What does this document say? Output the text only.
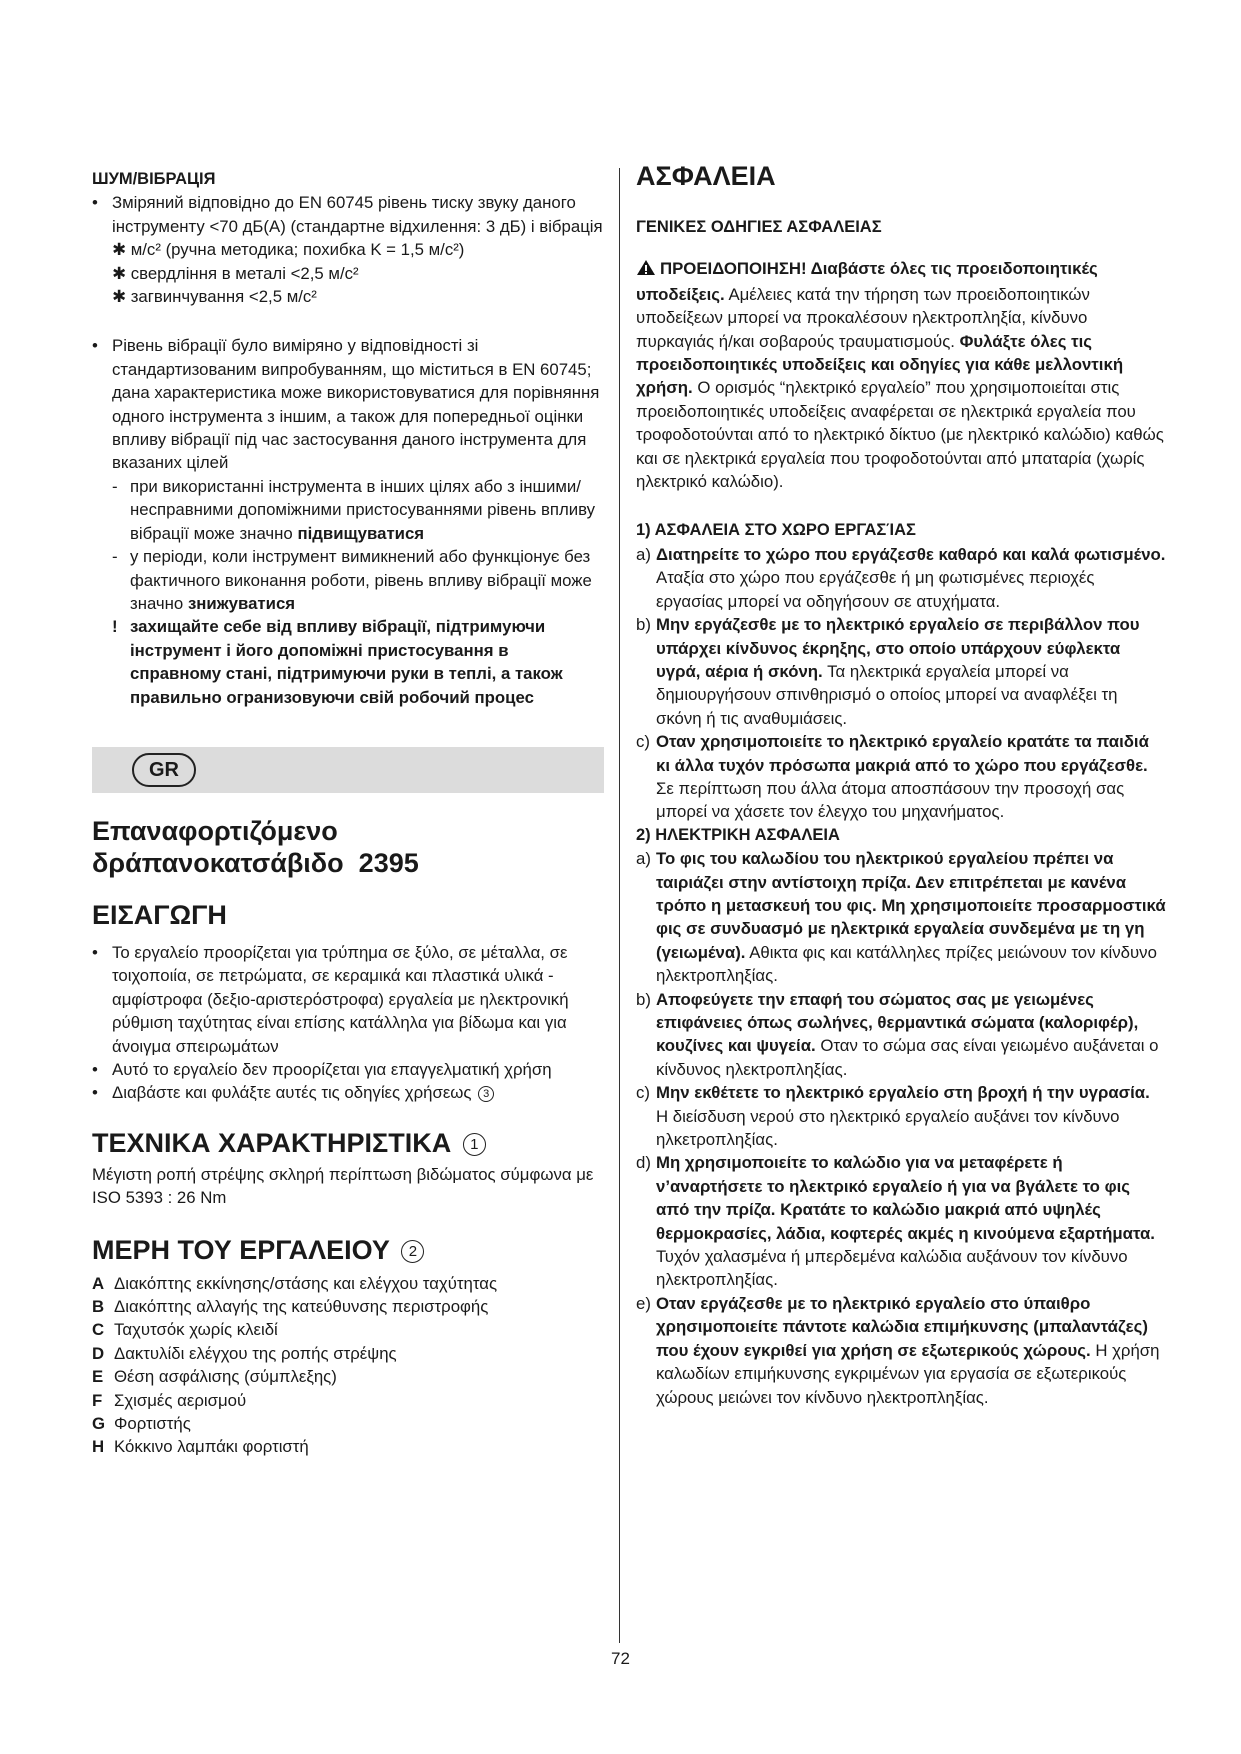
ШУМ/ВІБРАЦІЯ

• Зміряний відповідно до EN 60745 рівень тиску звуку даного інструменту <70 дБ(A) (стандартне відхилення: 3 дБ) і вібрація ✱ м/с² (ручна методика; похибка K = 1,5 м/с²)
✱ свердління в металі <2,5 м/с²
✱ загвинчування <2,5 м/с²
• Рівень вібрації було виміряно у відповідності зі стандартизованим випробуванням, що міститься в EN 60745; дана характеристика може використовуватися для порівняння одного інструмента з іншим, а також для попередньої оцінки впливу вібрації під час застосування даного інструмента для вказаних цілей
- при використанні інструмента в інших цілях або з іншими/несправними допоміжними пристосуваннями рівень впливу вібрації може значно підвищуватися
- у періоди, коли інструмент вимикнений або функціонує без фактичного виконання роботи, рівень впливу вібрації може значно знижуватися
! захищайте себе від впливу вібрації, підтримуючи інструмент і його допоміжні пристосування в справному стані, підтримуючи руки в теплі, а також правильно огранизовуючи свій робочий процес
GR
Επαναφορτιζόμενο
δράπανοκατσάβιδο  2395
ΕΙΣΑΓΩΓΗ
• Το εργαλείο προορίζεται για τρύπημα σε ξύλο, σε μέταλλα, σε τοιχοποιία, σε πετρώματα, σε κεραμικά και πλαστικά υλικά - αμφίστροφα (δεξιο-αριστερόστροφα) εργαλεία με ηλεκτρονική ρύθμιση ταχύτητας είναι επίσης κατάλληλα για βίδωμα και για άνοιγμα σπειρωμάτων
• Αυτό το εργαλείο δεν προορίζεται για επαγγελματική χρήση
• Διαβάστε και φυλάξτε αυτές τις οδηγίες χρήσεως 3
ΤΕΧΝΙΚΑ ΧΑΡΑΚΤΗΡΙΣΤΙΚΑ 1
Μέγιστη ροπή στρέψης σκληρή περίπτωση βιδώματος σύμφωνα με ISO 5393 : 26 Nm
ΜΕΡΗ ΤΟΥ ΕΡΓΑΛΕΙΟΥ 2
A Διακόπτης εκκίνησης/στάσης και ελέγχου ταχύτητας
B Διακόπτης αλλαγής της κατεύθυνσης περιστροφής
C Ταχυτσόκ χωρίς κλειδί
D Δακτυλίδι ελέγχου της ροπής στρέψης
E Θέση ασφάλισης (σύμπλεξης)
F Σχισμές αερισμού
G Φορτιστής
H Κόκκινο λαμπάκι φορτιστή
ΑΣΦΑΛΕΙΑ
ΓΕΝΙΚΕΣ ΟΔΗΓΙΕΣ ΑΣΦΑΛΕΙΑΣ
ΠΡΟΕΙΔΟΠΟΙΗΣΗ! Διαβάστε όλες τις προειδοποιητικές υποδείξεις. Αμέλειες κατά την τήρηση των προειδοποιητικών υποδείξεων μπορεί να προκαλέσουν ηλεκτροπληξία, κίνδυνο πυρκαγιάς ή/και σοβαρούς τραυματισμούς. Φυλάξτε όλες τις προειδοποιητικές υποδείξεις και οδηγίες για κάθε μελλοντική χρήση. Ο ορισμός “ηλεκτρικό εργαλείο” που χρησιμοποιείται στις προειδοποιητικές υποδείξεις αναφέρεται σε ηλεκτρικά εργαλεία που τροφοδοτούνται από το ηλεκτρικό δίκτυο (με ηλεκτρικό καλώδιο) καθώς και σε ηλεκτρικά εργαλεία που τροφοδοτούνται από μπαταρία (χωρίς ηλεκτρικό καλώδιο).
1) ΑΣΦΑΛΕΙΑ ΣΤΟ ΧΩΡΟ ΕΡΓΑΣΊΑΣ
a) Διατηρείτε το χώρο που εργάζεσθε καθαρό και καλά φωτισμένο. Αταξία στο χώρο που εργάζεσθε ή μη φωτισμένες περιοχές εργασίας μπορεί να οδηγήσουν σε ατυχήματα.
b) Μην εργάζεσθε με το ηλεκτρικό εργαλείο σε περιβάλλον που υπάρχει κίνδυνος έκρηξης, στο οποίο υπάρχουν εύφλεκτα υγρά, αέρια ή σκόνη. Τα ηλεκτρικά εργαλεία μπορεί να δημιουργήσουν σπινθηρισμό ο οποίος μπορεί να αναφλέξει τη σκόνη ή τις αναθυμιάσεις.
c) Οταν χρησιμοποιείτε το ηλεκτρικό εργαλείο κρατάτε τα παιδιά κι άλλα τυχόν πρόσωπα μακριά από το χώρο που εργάζεσθε. Σε περίπτωση που άλλα άτομα αποσπάσουν την προσοχή σας μπορεί να χάσετε τον έλεγχο του μηχανήματος.
2) ΗΛΕΚΤΡΙΚΗ ΑΣΦΑΛΕΙΑ
a) Το φις του καλωδίου του ηλεκτρικού εργαλείου πρέπει να ταιριάζει στην αντίστοιχη πρίζα. Δεν επιτρέπεται με κανένα τρόπο η μετασκευή του φις. Μη χρησιμοποιείτε προσαρμοστικά φις σε συνδυασμό με ηλεκτρικά εργαλεία συνδεμένα με τη γη (γειωμένα). Αθικτα φις και κατάλληλες πρίζες μειώνουν τον κίνδυνο ηλεκτροπληξίας.
b) Αποφεύγετε την επαφή του σώματος σας με γειωμένες επιφάνειες όπως σωλήνες, θερμαντικά σώματα (καλοριφέρ), κουζίνες και ψυγεία. Οταν το σώμα σας είναι γειωμένο αυξάνεται ο κίνδυνος ηλεκτροπληξίας.
c) Μην εκθέτετε το ηλεκτρικό εργαλείο στη βροχή ή την υγρασία. Η διείσδυση νερού στο ηλεκτρικό εργαλείο αυξάνει τον κίνδυνο ηλκετροπληξίας.
d) Μη χρησιμοποιείτε το καλώδιο για να μεταφέρετε ή ν’αναρτήσετε το ηλεκτρικό εργαλείο ή για να βγάλετε το φις από την πρίζα. Κρατάτε το καλώδιο μακριά από υψηλές θερμοκρασίες, λάδια, κοφτερές ακμές η κινούμενα εξαρτήματα. Τυχόν χαλασμένα ή μπερδεμένα καλώδια αυξάνουν τον κίνδυνο ηλεκτροπληξίας.
e) Οταν εργάζεσθε με το ηλεκτρικό εργαλείο στο ύπαιθρο χρησιμοποιείτε πάντοτε καλώδια επιμήκυνσης (μπαλαντάζες) που έχουν εγκριθεί για χρήση σε εξωτερικούς χώρους. Η χρήση καλωδίων επιμήκυνσης εγκριμένων για εργασία σε εξωτερικούς χώρους μειώνει τον κίνδυνο ηλεκτροπληξίας.
72
